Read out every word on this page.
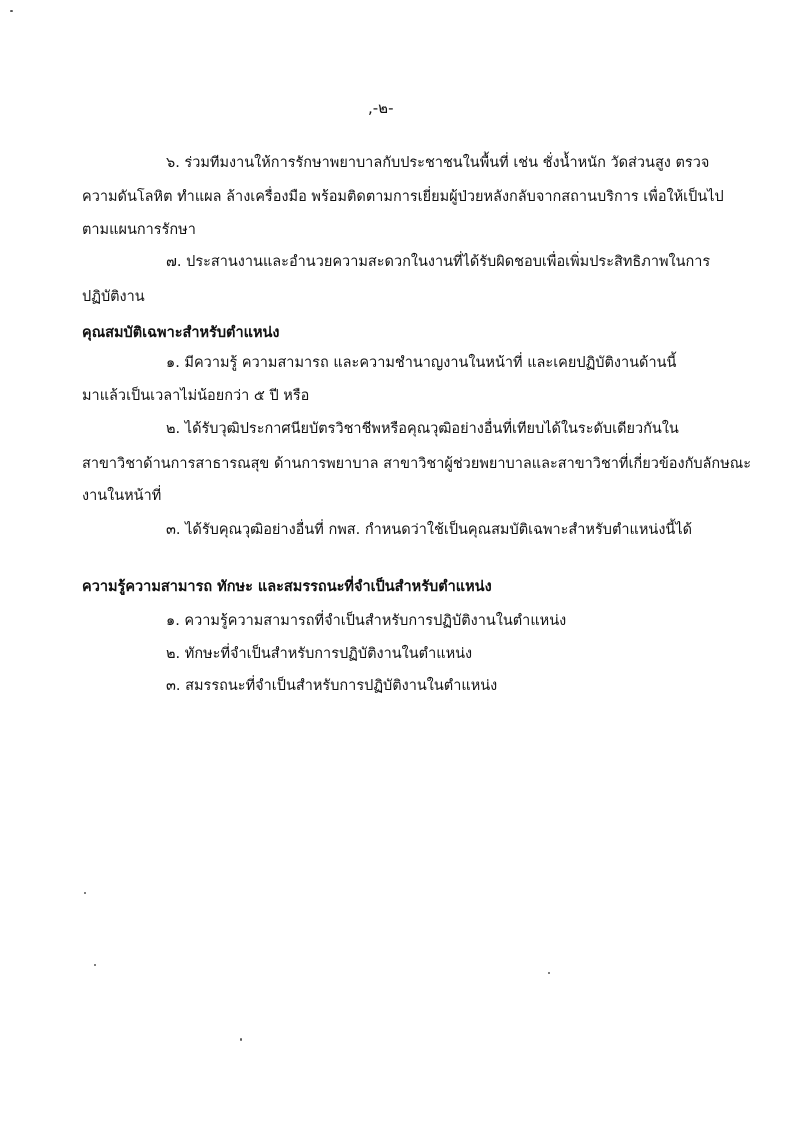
,-๒-
๖. ร่วมทีมงานให้การรักษาพยาบาลกับประชาชนในพื้นที่ เช่น ชั่งน้ำหนัก วัดส่วนสูง ตรวจ
ความดันโลหิต ทำแผล ล้างเครื่องมือ พร้อมติดตามการเยี่ยมผู้ป่วยหลังกลับจากสถานบริการ เพื่อให้เป็นไป
ตามแผนการรักษา
๗. ประสานงานและอำนวยความสะดวกในงานที่ได้รับผิดชอบเพื่อเพิ่มประสิทธิภาพในการ
ปฏิบัติงาน
คุณสมบัติเฉพาะสำหรับตำแหน่ง
๑. มีความรู้ ความสามารถ และความชำนาญงานในหน้าที่ และเคยปฏิบัติงานด้านนี้
มาแล้วเป็นเวลาไม่น้อยกว่า ๕ ปี หรือ
๒. ได้รับวุฒิประกาศนียบัตรวิชาชีพหรือคุณวุฒิอย่างอื่นที่เทียบได้ในระดับเดียวกันใน
สาขาวิชาด้านการสาธารณสุข ด้านการพยาบาล สาขาวิชาผู้ช่วยพยาบาลและสาขาวิชาที่เกี่ยวข้องกับลักษณะ
งานในหน้าที่
๓. ได้รับคุณวุฒิอย่างอื่นที่ กพส. กำหนดว่าใช้เป็นคุณสมบัติเฉพาะสำหรับตำแหน่งนี้ได้
ความรู้ความสามารถ ทักษะ และสมรรถนะที่จำเป็นสำหรับตำแหน่ง
๑. ความรู้ความสามารถที่จำเป็นสำหรับการปฏิบัติงานในตำแหน่ง
๒. ทักษะที่จำเป็นสำหรับการปฏิบัติงานในตำแหน่ง
๓. สมรรถนะที่จำเป็นสำหรับการปฏิบัติงานในตำแหน่ง
